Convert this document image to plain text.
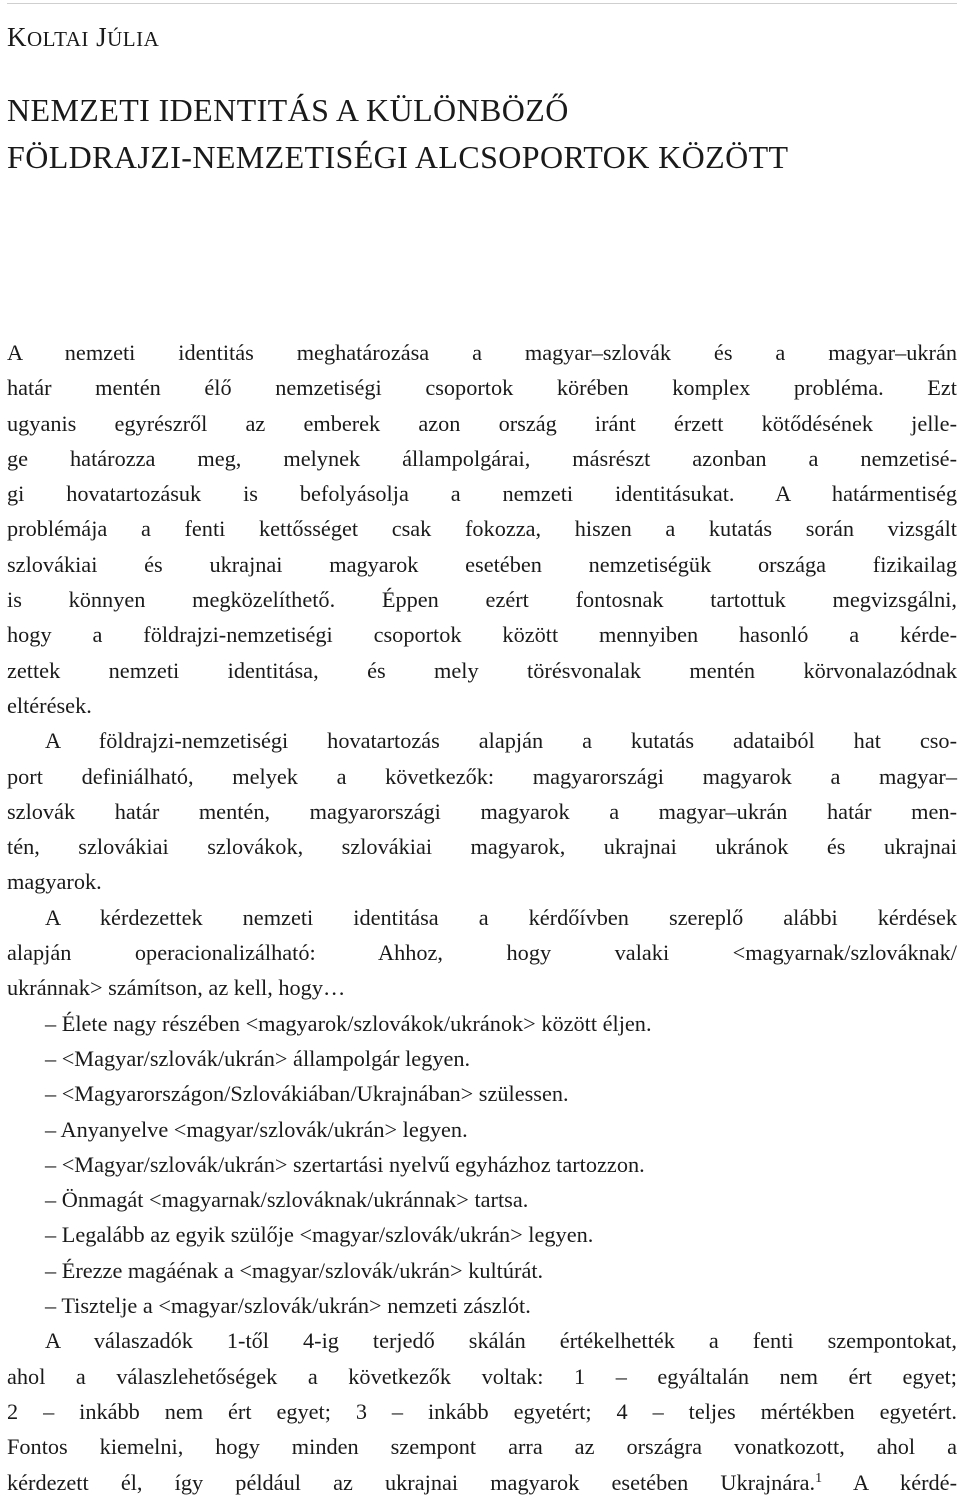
KOLTAI JÚLIA
NEMZETI IDENTITÁS A KÜLÖNBÖZŐ
FÖLDRAJZI-NEMZETISÉGI ALCSOPORTOK KÖZÖTT
A nemzeti identitás meghatározása a magyar–szlovák és a magyar–ukrán
határ mentén élő nemzetiségi csoportok körében komplex probléma. Ezt
ugyanis egyrészről az emberek azon ország iránt érzett kötődésének jelle-
ge határozza meg, melynek állampolgárai, másrészt azonban a nemzetisé-
gi hovatartozásuk is befolyásolja a nemzeti identitásukat. A határmentiség
problémája a fenti kettősséget csak fokozza, hiszen a kutatás során vizsgált
szlovákiai és ukrajnai magyarok esetében nemzetiségük országa fizikailag
is könnyen megközelíthető. Éppen ezért fontosnak tartottuk megvizsgálni,
hogy a földrajzi-nemzetiségi csoportok között mennyiben hasonló a kérde-
zettek nemzeti identitása, és mely törésvonalak mentén körvonalazódnak
eltérések.
A földrajzi-nemzetiségi hovatartozás alapján a kutatás adataiból hat cso-
port definiálható, melyek a következők: magyarországi magyarok a magyar–
szlovák határ mentén, magyarországi magyarok a magyar–ukrán határ men-
tén, szlovákiai szlovákok, szlovákiai magyarok, ukrajnai ukránok és ukrajnai
magyarok.
A kérdezettek nemzeti identitása a kérdőívben szereplő alábbi kérdések
alapján operacionalizálható: Ahhoz, hogy valaki <magyarnak/szlováknak/
ukránnak> számítson, az kell, hogy…
– Élete nagy részében <magyarok/szlovákok/ukránok> között éljen.
– <Magyar/szlovák/ukrán> állampolgár legyen.
– <Magyarországon/Szlovákiában/Ukrajnában> szülessen.
– Anyanyelve <magyar/szlovák/ukrán> legyen.
– <Magyar/szlovák/ukrán> szertartási nyelvű egyházhoz tartozzon.
– Önmagát <magyarnak/szlováknak/ukránnak> tartsa.
– Legalább az egyik szülője <magyar/szlovák/ukrán> legyen.
– Érezze magáénak a <magyar/szlovák/ukrán> kultúrát.
– Tisztelje a <magyar/szlovák/ukrán> nemzeti zászlót.
A válaszadók 1-től 4-ig terjedő skálán értékelhették a fenti szempontokat,
ahol a válaszlehetőségek a következők voltak: 1 – egyáltalán nem ért egyet;
2 – inkább nem ért egyet; 3 – inkább egyetért; 4 – teljes mértékben egyetért.
Fontos kiemelni, hogy minden szempont arra az országra vonatkozott, ahol a
kérdezett él, így például az ukrajnai magyarok esetében Ukrajnára.$^1$ A kérdé-
